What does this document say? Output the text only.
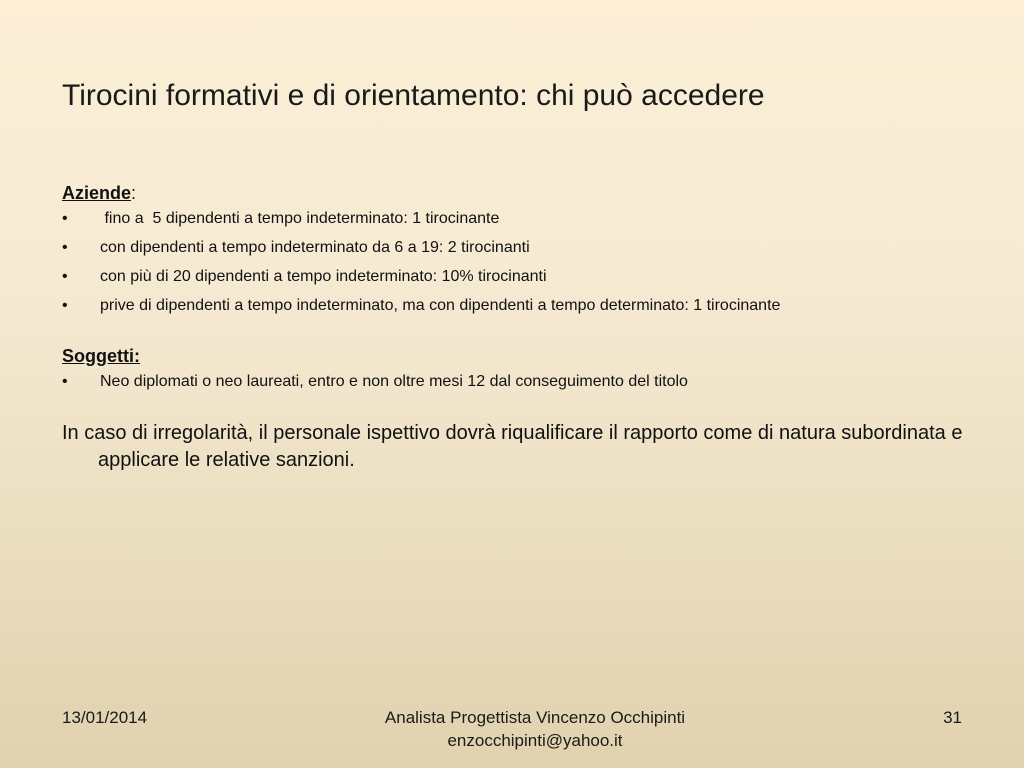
Tirocini formativi e di orientamento: chi può accedere
Aziende:
• fino a  5 dipendenti a tempo indeterminato: 1 tirocinante
• con dipendenti a tempo indeterminato da 6 a 19: 2 tirocinanti
• con più di 20 dipendenti a tempo indeterminato: 10% tirocinanti
• prive di dipendenti a tempo indeterminato, ma con dipendenti a tempo determinato: 1 tirocinante
Soggetti:
• Neo diplomati o neo laureati, entro e non oltre mesi 12 dal conseguimento del titolo
In caso di irregolarità, il personale ispettivo dovrà riqualificare il rapporto come di natura subordinata e applicare le relative sanzioni.
13/01/2014	Analista Progettista Vincenzo Occhipinti
enzocchipinti@yahoo.it
31
